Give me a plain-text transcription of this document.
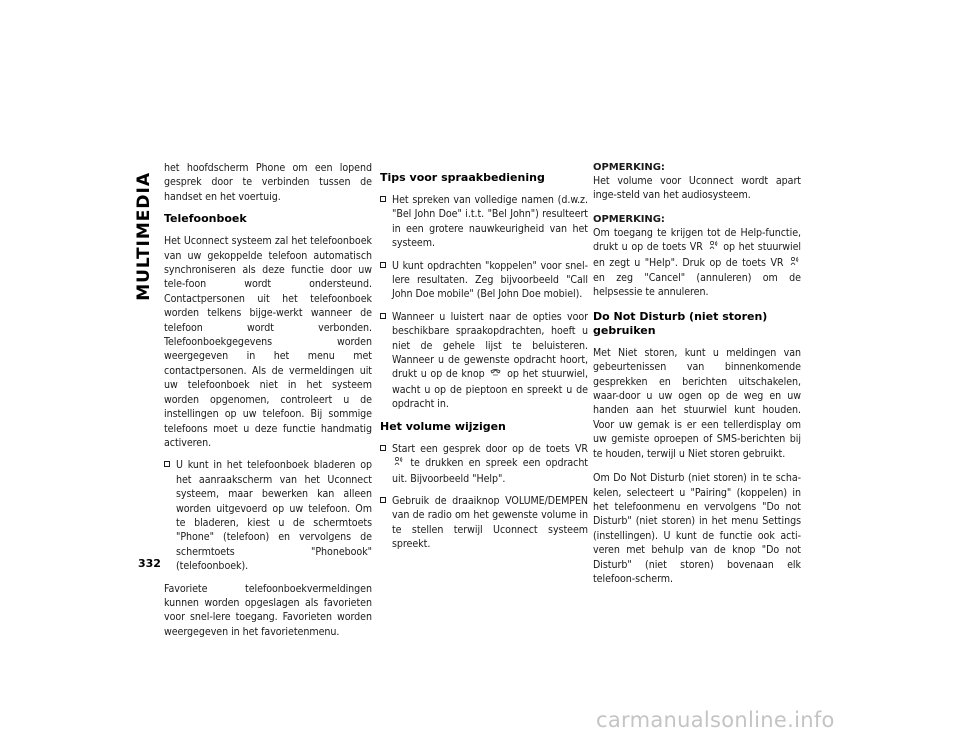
MULTIMEDIA
332

het hoofdscherm Phone om een lopend gesprek door te verbinden tussen de handset en het voertuig.

Telefoonboek

Het Uconnect systeem zal het telefoonboek van uw gekoppelde telefoon automatisch synchroniseren als deze functie door uw tele-foon wordt ondersteund. Contactpersonen uit het telefoonboek worden telkens bijge-werkt wanneer de telefoon wordt verbonden. Telefoonboekgegevens worden weergegeven in het menu met contactpersonen. Als de vermeldingen uit uw telefoonboek niet in het systeem worden opgenomen, controleert u de instellingen op uw telefoon. Bij sommige telefoons moet u deze functie handmatig activeren.

U kunt in het telefoonboek bladeren op het aanraakscherm van het Uconnect systeem, maar bewerken kan alleen worden uitgevoerd op uw telefoon. Om te bladeren, kiest u de schermtoets "Phone" (telefoon) en vervolgens de schermtoets "Phonebook" (telefoonboek).

Favoriete telefoonboekvermeldingen kunnen worden opgeslagen als favorieten voor snel-lere toegang. Favorieten worden weergegeven in het favorietenmenu.

Tips voor spraakbediening
Het spreken van volledige namen (d.w.z. "Bel John Doe" i.t.t. "Bel John") resulteert in een grotere nauwkeurigheid van het systeem.
U kunt opdrachten "koppelen" voor snel-lere resultaten. Zeg bijvoorbeeld "Call John Doe mobile" (Bel John Doe mobiel).
Wanneer u luistert naar de opties voor beschikbare spraakopdrachten, hoeft u niet de gehele lijst te beluisteren. Wanneer u de gewenste opdracht hoort, drukt u op de knop op het stuurwiel, wacht u op de pieptoon en spreekt u de opdracht in.
Het volume wijzigen
Start een gesprek door op de toets VR  te drukken en spreek een opdracht uit. Bijvoorbeeld "Help".
Gebruik de draaiknop VOLUME/DEMPEN van de radio om het gewenste volume in te stellen terwijl Uconnect systeem spreekt.

OPMERKING:
Het volume voor Uconnect wordt apart inge-steld van het audiosysteem.

OPMERKING:
Om toegang te krijgen tot de Help-functie, drukt u op de toets VR op het stuurwiel en zegt u "Help". Druk op de toets VR  en zeg "Cancel" (annuleren) om de helpsessie te annuleren.

Do Not Disturb (niet storen) gebruiken

Met Niet storen, kunt u meldingen van gebeurtenissen van binnenkomende gesprekken en berichten uitschakelen, waar-door u uw ogen op de weg en uw handen aan het stuurwiel kunt houden. Voor uw gemak is er een tellerdisplay om uw gemiste oproepen of SMS-berichten bij te houden, terwijl u Niet storen gebruikt.

Om Do Not Disturb (niet storen) in te scha-kelen, selecteert u "Pairing" (koppelen) in het telefoonmenu en vervolgens "Do not Disturb" (niet storen) in het menu Settings (instellingen). U kunt de functie ook acti-veren met behulp van de knop "Do not Disturb" (niet storen) bovenaan elk telefoon-scherm.

carmanualsonline.info
